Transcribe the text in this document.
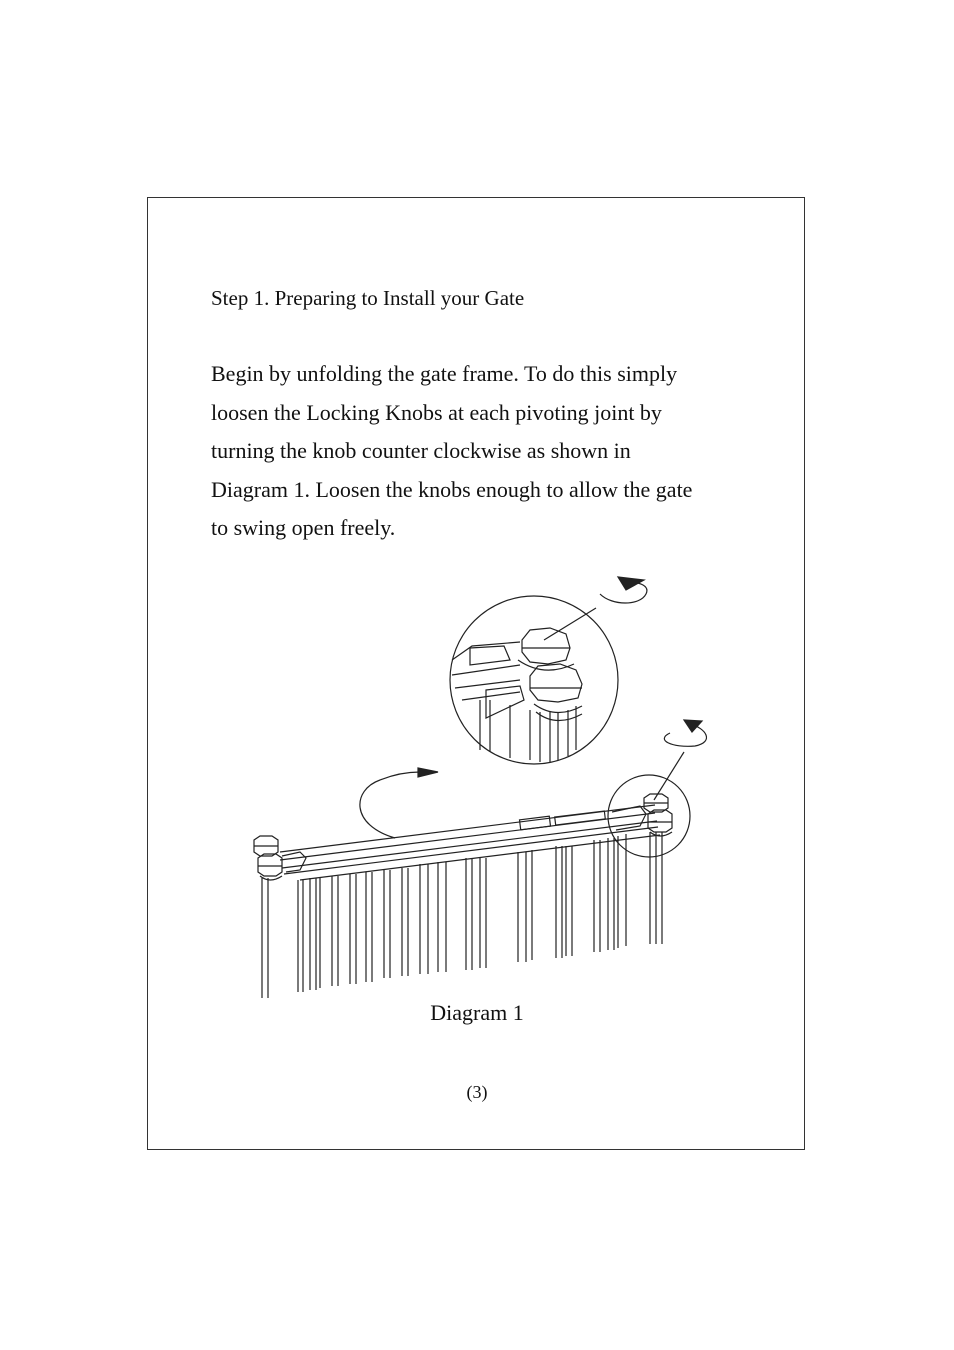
Step 1. Preparing to Install your Gate
Begin by unfolding the gate frame. To do this simply
loosen the Locking Knobs at each pivoting joint by
turning the knob counter clockwise as shown in
Diagram 1. Loosen the knobs enough to allow the gate
to swing open freely.
Diagram 1
(3)
